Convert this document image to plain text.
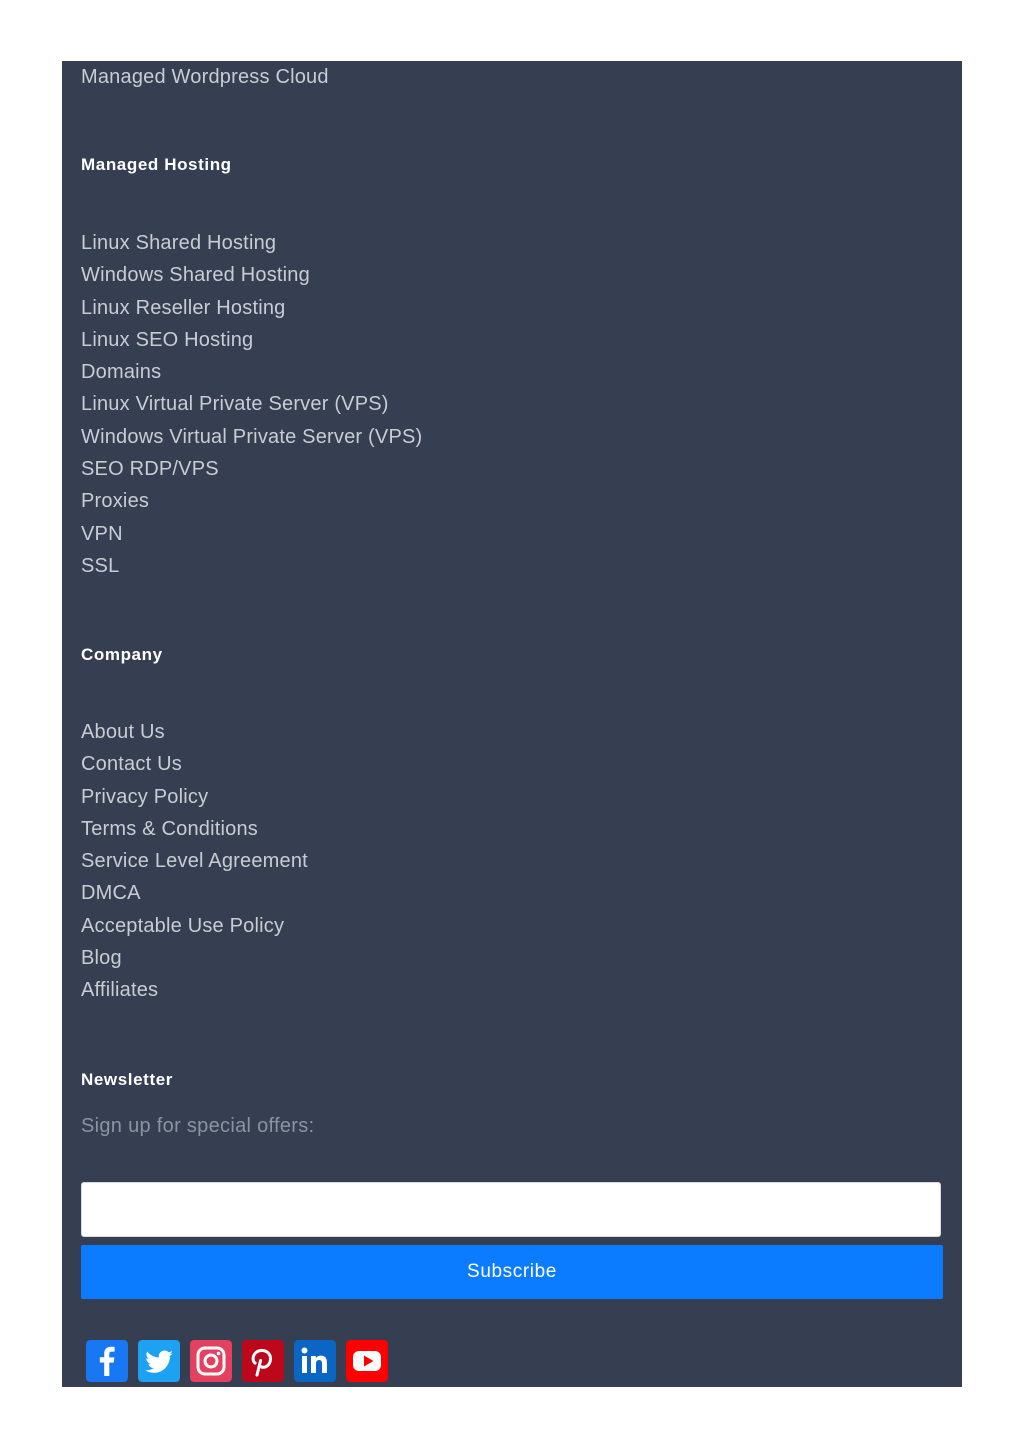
Managed Wordpress Cloud
Managed Hosting
Linux Shared Hosting
Windows Shared Hosting
Linux Reseller Hosting
Linux SEO Hosting
Domains
Linux Virtual Private Server (VPS)
Windows Virtual Private Server (VPS)
SEO RDP/VPS
Proxies
VPN
SSL
Company
About Us
Contact Us
Privacy Policy
Terms & Conditions
Service Level Agreement
DMCA
Acceptable Use Policy
Blog
Affiliates
Newsletter
Sign up for special offers:
Subscribe
